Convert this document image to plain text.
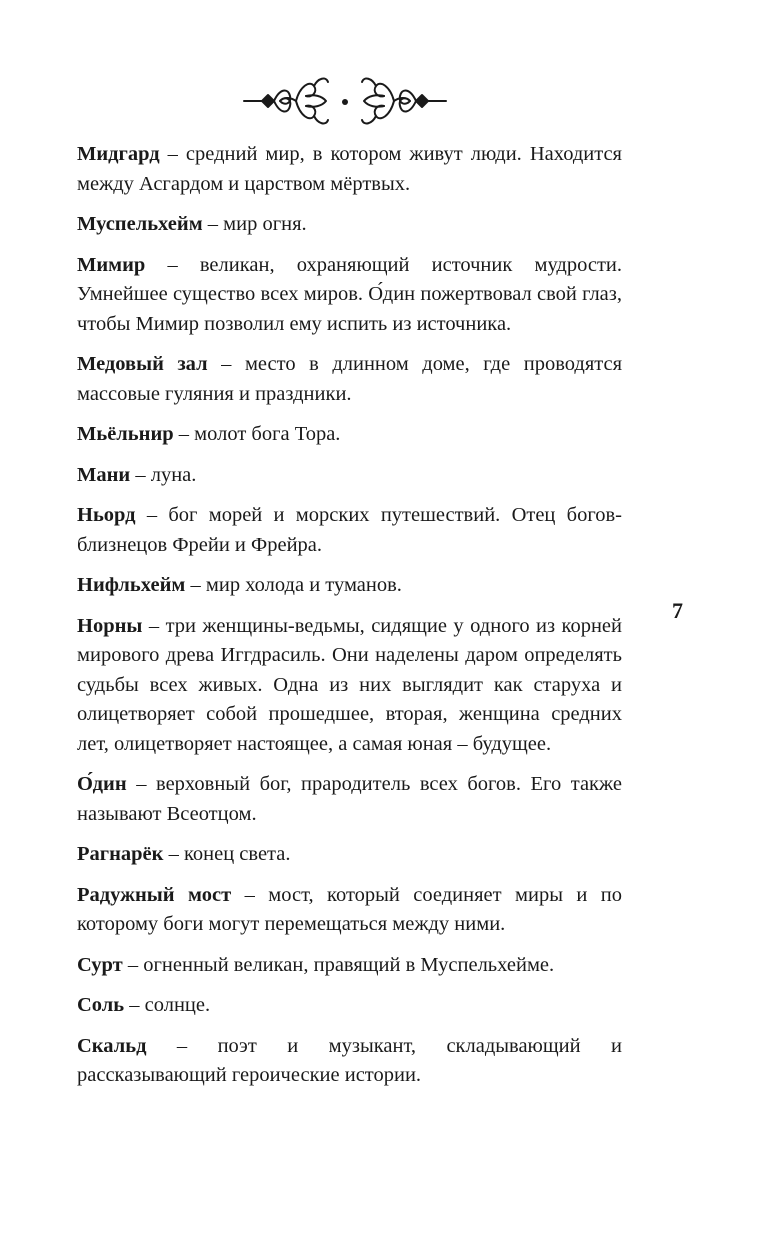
Мидгард – средний мир, в котором живут люди. Находится между Асгардом и царством мёртвых.

Муспельхейм – мир огня.

Мимир – великан, охраняющий источник мудрости. Умнейшее существо всех миров. О́дин пожертвовал свой глаз, чтобы Мимир позволил ему испить из источника.

Медовый зал – место в длинном доме, где проводятся массовые гуляния и праздники.

Мьёльнир – молот бога Тора.

Мани – луна.

Ньорд – бог морей и морских путешествий. Отец богов-близнецов Фрейи и Фрейра.

Нифльхейм – мир холода и туманов.

Норны – три женщины-ведьмы, сидящие у одного из корней мирового древа Иггдрасиль. Они наделены даром определять судьбы всех живых. Одна из них выглядит как старуха и олицетворяет собой прошедшее, вторая, женщина средних лет, олицетворяет настоящее, а самая юная – будущее.

О́дин – верховный бог, прародитель всех богов. Его также называют Всеотцом.

Рагнарёк – конец света.

Радужный мост – мост, который соединяет миры и по которому боги могут перемещаться между ними.

Сурт – огненный великан, правящий в Муспельхейме.

Соль – солнце.

Скальд – поэт и музыкант, складывающий и рассказывающий героические истории.

7
